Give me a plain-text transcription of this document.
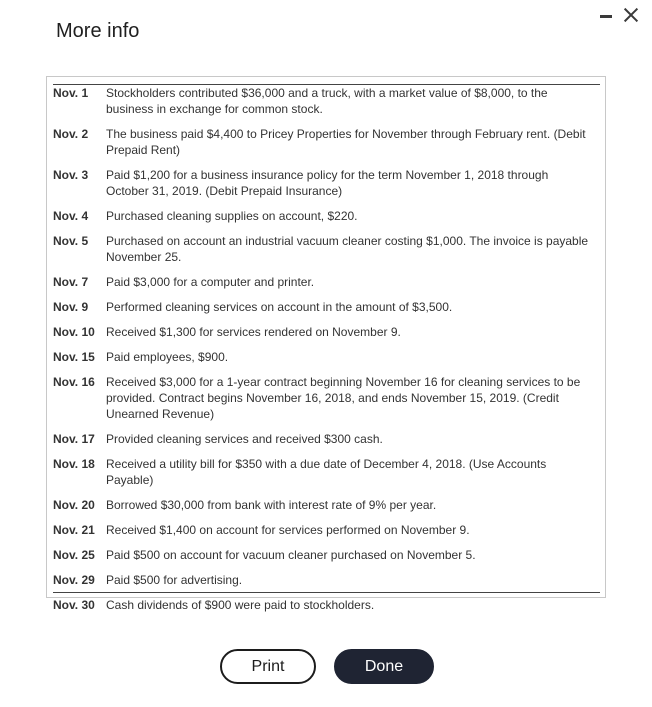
More info
Nov. 1	Stockholders contributed $36,000 and a truck, with a market value of $8,000, to the business in exchange for common stock.
Nov. 2	The business paid $4,400 to Pricey Properties for November through February rent. (Debit Prepaid Rent)
Nov. 3	Paid $1,200 for a business insurance policy for the term November 1, 2018 through October 31, 2019. (Debit Prepaid Insurance)
Nov. 4	Purchased cleaning supplies on account, $220.
Nov. 5	Purchased on account an industrial vacuum cleaner costing $1,000. The invoice is payable November 25.
Nov. 7	Paid $3,000 for a computer and printer.
Nov. 9	Performed cleaning services on account in the amount of $3,500.
Nov. 10 Received $1,300 for services rendered on November 9.
Nov. 15 Paid employees, $900.
Nov. 16 Received $3,000 for a 1-year contract beginning November 16 for cleaning services to be provided. Contract begins November 16, 2018, and ends November 15, 2019. (Credit Unearned Revenue)
Nov. 17 Provided cleaning services and received $300 cash.
Nov. 18 Received a utility bill for $350 with a due date of December 4, 2018. (Use Accounts Payable)
Nov. 20 Borrowed $30,000 from bank with interest rate of 9% per year.
Nov. 21 Received $1,400 on account for services performed on November 9.
Nov. 25 Paid $500 on account for vacuum cleaner purchased on November 5.
Nov. 29 Paid $500 for advertising.
Nov. 30 Cash dividends of $900 were paid to stockholders.
Print	Done
